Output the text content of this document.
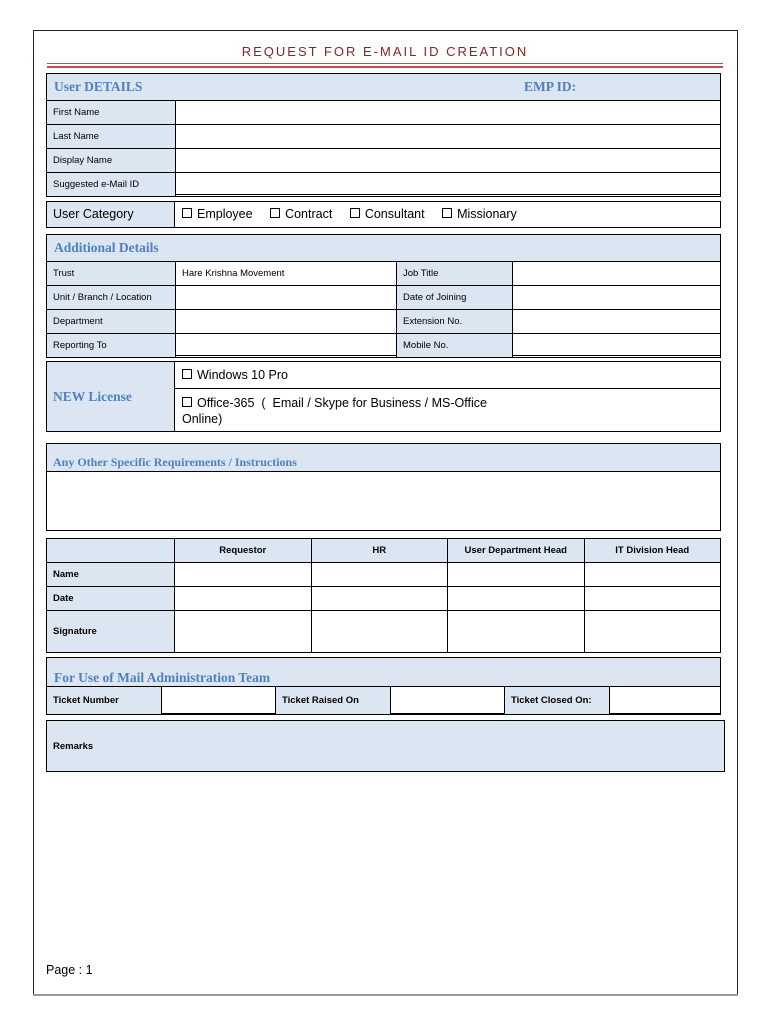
REQUEST FOR E-MAIL ID CREATION
User DETAILS	EMP ID:
First Name	
Last Name	
Display Name	
Suggested e-Mail ID	
User Category	Employee	Contract	Consultant	Missionary
Additional Details
Trust	Hare Krishna Movement	Job Title	
Unit / Branch / Location		Date of Joining	
Department		Extension No.	
Reporting To		Mobile No.	
NEW License
Windows 10 Pro
Office-365  (  Email / Skype for Business / MS-Office Online)
Any Other Specific Requirements / Instructions
	Requestor	HR	User Department Head	IT Division Head
Name				
Date				
Signature				
For Use of Mail Administration Team
Ticket Number		Ticket Raised On		Ticket Closed On:	
Remarks
Page : 1
